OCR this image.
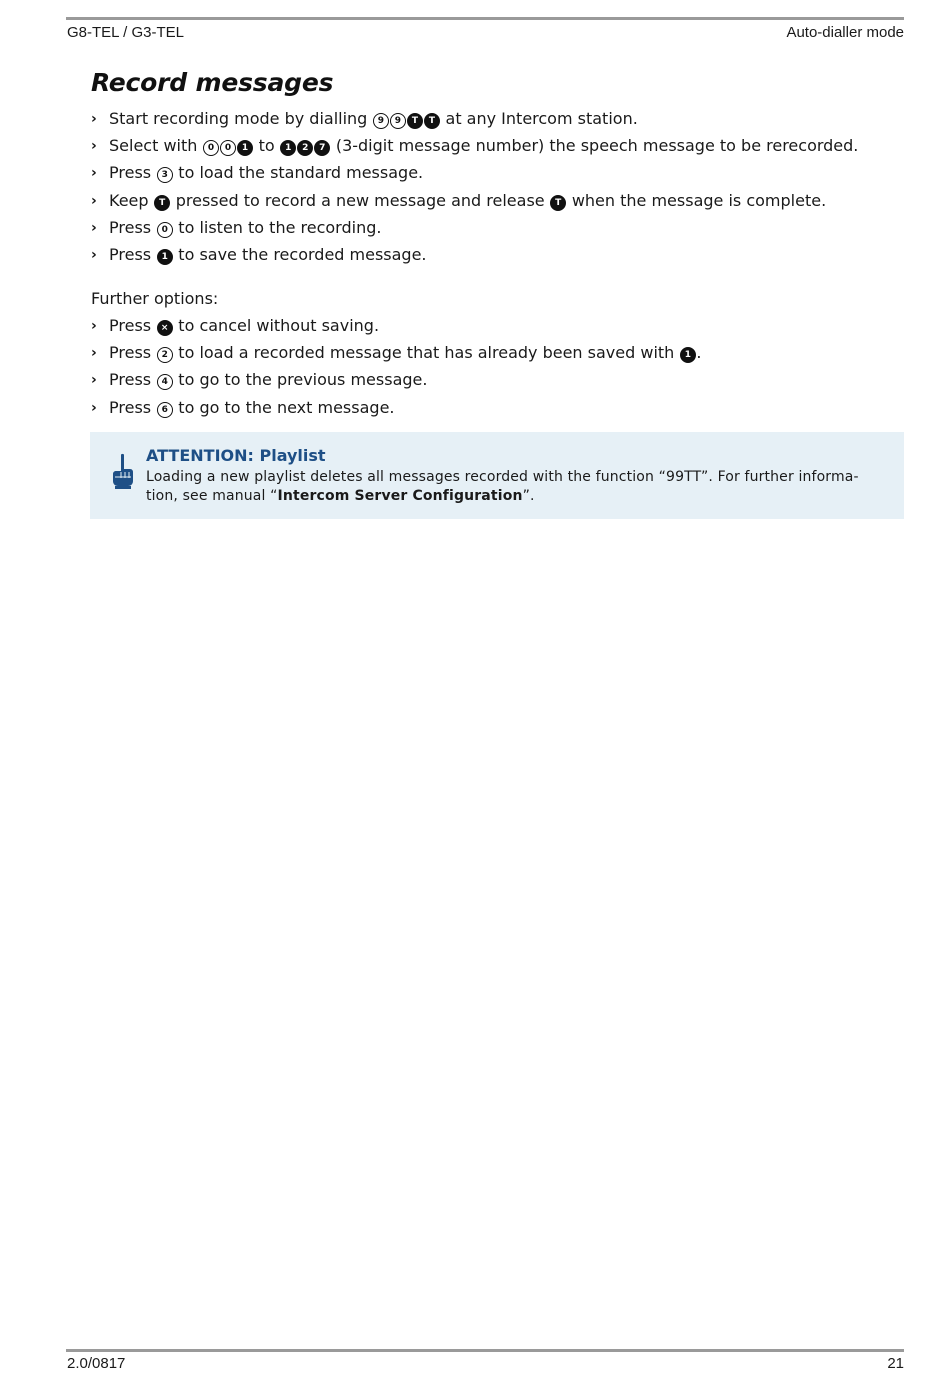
G8-TEL / G3-TEL	Auto-dialler mode
Record messages
› Start recording mode by dialling 9 9 T T at any Intercom station.
› Select with 0 0 1 to 1 2 7 (3-digit message number) the speech message to be rerecorded.
› Press 3 to load the standard message.
› Keep T pressed to record a new message and release T when the message is complete.
› Press 0 to listen to the recording.
› Press 1 to save the recorded message.
Further options:
› Press × to cancel without saving.
› Press 2 to load a recorded message that has already been saved with 1 .
› Press 4 to go to the previous message.
› Press 6 to go to the next message.
ATTENTION: Playlist
Loading a new playlist deletes all messages recorded with the function “99TT”. For further informa-tion, see manual “Intercom Server Configuration”.
2.0/0817	21
